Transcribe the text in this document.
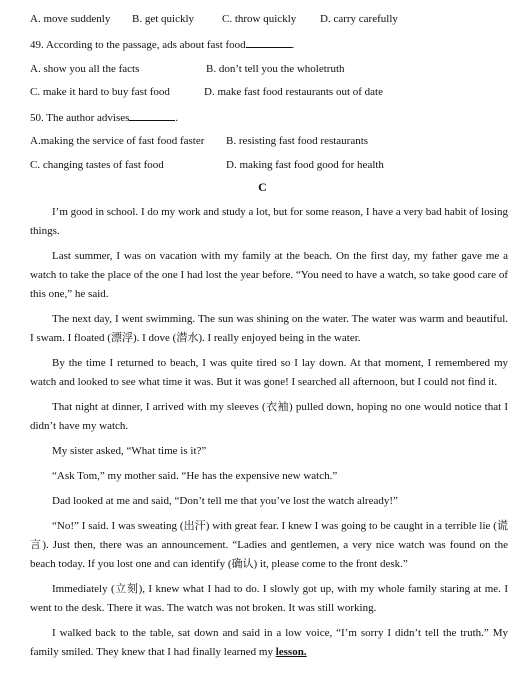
A. move suddenly B. get quickly	C. throw quickly D. carry carefully
49. According to the passage, ads about fast food	.
A. show you all the facts	B. don’t tell you the wholetruth
C. make it hard to buy fast food	D. make fast food restaurants out of date
50. The author advises	.
A.making the service of fast food faster B. resisting fast food restaurants
C. changing tastes of fast food	D. making fast food good for health
C

I’m good in school. I do my work and study a lot, but for some reason, I have a very bad habit of losing things.

Last summer, I was on vacation with my family at the beach. On the first day, my father gave me a watch to take the place of the one I had lost the year before. “You need to have a watch, so take good care of this one,” he said.

The next day, I went swimming. The sun was shining on the water. The water was warm and beautiful. I swam. I floated (漂浮). I dove (潜水). I really enjoyed being in the water.

By the time I returned to beach, I was quite tired so I lay down. At that moment, I remembered my watch and looked to see what time it was. But it was gone! I searched all afternoon, but I could not find it.

That night at dinner, I arrived with my sleeves (衣袖) pulled down, hoping no one would notice that I didn’t have my watch.

My sister asked, “What time is it?”

“Ask Tom,” my mother said. “He has the expensive new watch.”

Dad looked at me and said, “Don’t tell me that you’ve lost the watch already!”

“No!” I said. I was sweating (出汗) with great fear. I knew I was going to be caught in a terrible lie (谎言). Just then, there was an announcement. “Ladies and gentlemen, a very nice watch was found on the beach today. If you lost one and can identify (确认) it, please come to the front desk.”

Immediately (立刻), I knew what I had to do. I slowly got up, with my whole family staring at me. I went to the desk. There it was. The watch was not broken. It was still working.

I walked back to the table, sat down and said in a low voice, “I’m sorry I didn’t tell the truth.” My family smiled. They knew that I had finally learned my lesson.
